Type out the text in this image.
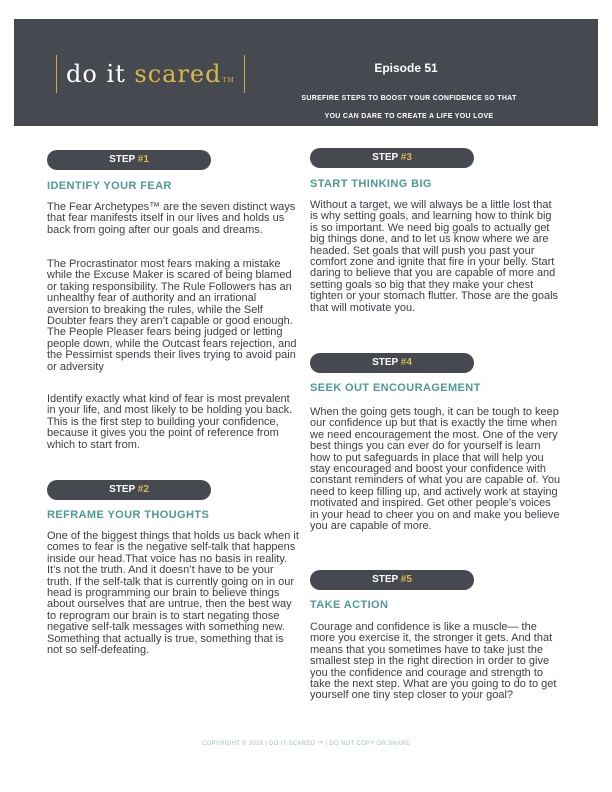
do it scaredTM
Episode 51
SUREFIRE STEPS TO BOOST YOUR CONFIDENCE SO THAT
YOU CAN DARE TO CREATE A LIFE YOU LOVE
STEP #1
IDENTIFY YOUR FEAR

The Fear Archetypes™ are the seven distinct ways that fear manifests itself in our lives and holds us back from going after our goals and dreams.

The Procrastinator most fears making a mistake while the Excuse Maker is scared of being blamed or taking responsibility. The Rule Followers has an unhealthy fear of authority and an irrational aversion to breaking the rules, while the Self Doubter fears they aren’t capable or good enough. The People Pleaser fears being judged or letting people down, while the Outcast fears rejection, and the Pessimist spends their lives trying to avoid pain or adversity

Identify exactly what kind of fear is most prevalent in your life, and most likely to be holding you back. This is the first step to building your confidence, because it gives you the point of reference from which to start from.

STEP #2
REFRAME YOUR THOUGHTS

One of the biggest things that holds us back when it comes to fear is the negative self-talk that happens inside our head.That voice has no basis in reality. It’s not the truth. And it doesn’t have to be your truth. If the self-talk that is currently going on in our head is programming our brain to believe things about ourselves that are untrue, then the best way to reprogram our brain is to start negating those negative self-talk messages with something new. Something that actually is true, something that is not so self-defeating.

STEP #3
START THINKING BIG

Without a target, we will always be a little lost that is why setting goals, and learning how to think big is so important. We need big goals to actually get big things done, and to let us know where we are headed. Set goals that will push you past your comfort zone and ignite that fire in your belly. Start daring to believe that you are capable of more and setting goals so big that they make your chest tighten or your stomach flutter. Those are the goals that will motivate you.

STEP #4
SEEK OUT ENCOURAGEMENT

When the going gets tough, it can be tough to keep our confidence up but that is exactly the time when we need encouragement the most. One of the very best things you can ever do for yourself is learn how to put safeguards in place that will help you stay encouraged and boost your confidence with constant reminders of what you are capable of. You need to keep filling up, and actively work at staying motivated and inspired. Get other people’s voices in your head to cheer you on and make you believe you are capable of more.

STEP #5
TAKE ACTION

Courage and confidence is like a muscle— the more you exercise it, the stronger it gets. And that means that you sometimes have to take just the smallest step in the right direction in order to give you the confidence and courage and strength to take the next step. What are you going to do to get yourself one tiny step closer to your goal?

COPYRIGHT © 2018 | DO IT SCARED ™ | DO NOT COPY OR SHARE
